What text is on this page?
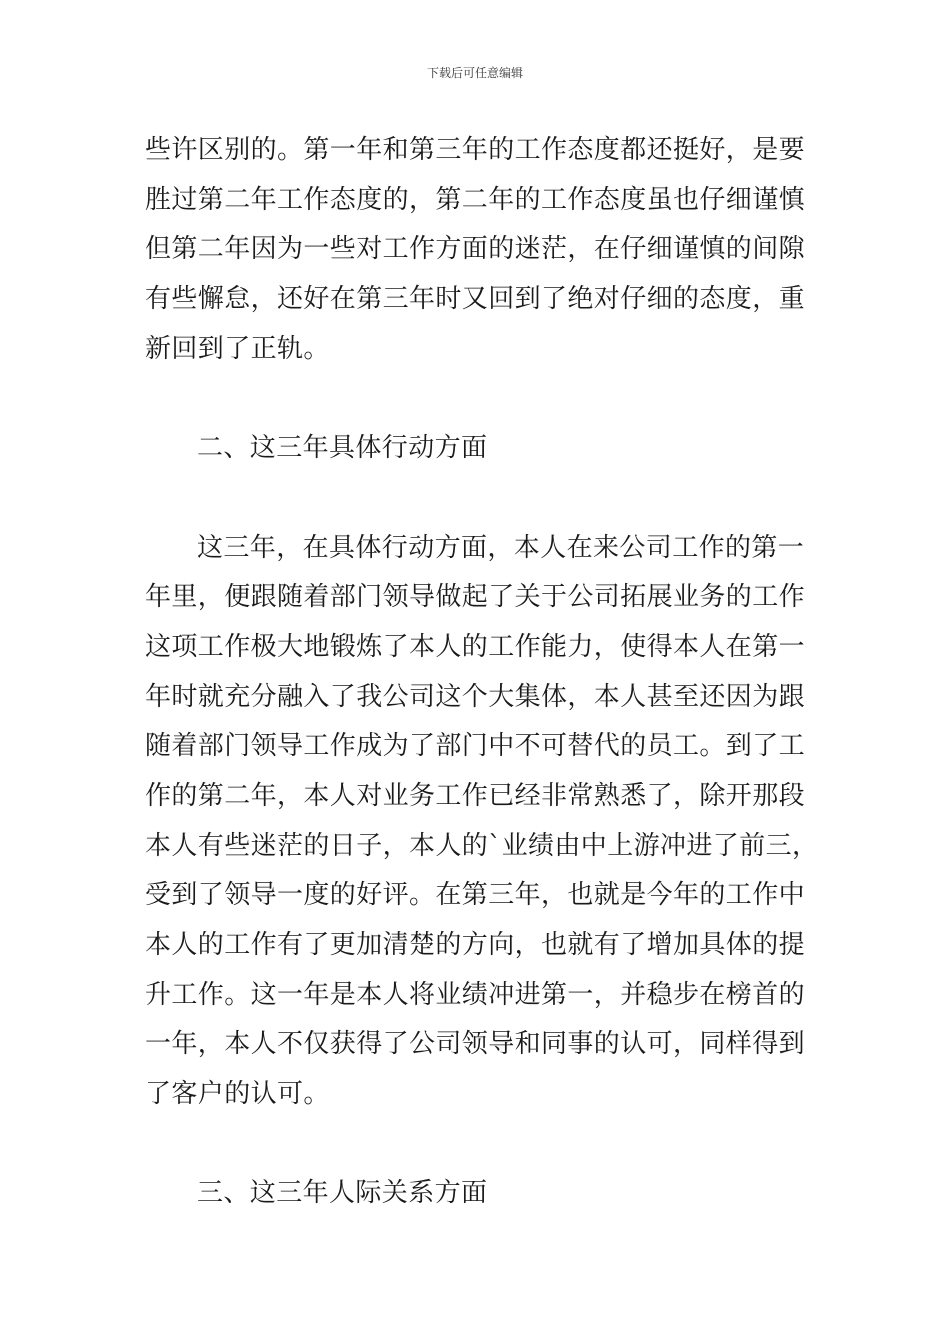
下载后可任意编辑
些许区别的。第一年和第三年的工作态度都还挺好，是要
胜过第二年工作态度的，第二年的工作态度虽也仔细谨慎
但第二年因为一些对工作方面的迷茫，在仔细谨慎的间隙
有些懈怠，还好在第三年时又回到了绝对仔细的态度，重
新回到了正轨。
二、这三年具体行动方面
这三年，在具体行动方面，本人在来公司工作的第一
年里，便跟随着部门领导做起了关于公司拓展业务的工作
这项工作极大地锻炼了本人的工作能力，使得本人在第一
年时就充分融入了我公司这个大集体，本人甚至还因为跟
随着部门领导工作成为了部门中不可替代的员工。到了工
作的第二年，本人对业务工作已经非常熟悉了，除开那段
本人有些迷茫的日子，本人的`业绩由中上游冲进了前三，
受到了领导一度的好评。在第三年，也就是今年的工作中
本人的工作有了更加清楚的方向，也就有了增加具体的提
升工作。这一年是本人将业绩冲进第一，并稳步在榜首的
一年，本人不仅获得了公司领导和同事的认可，同样得到
了客户的认可。
三、这三年人际关系方面
